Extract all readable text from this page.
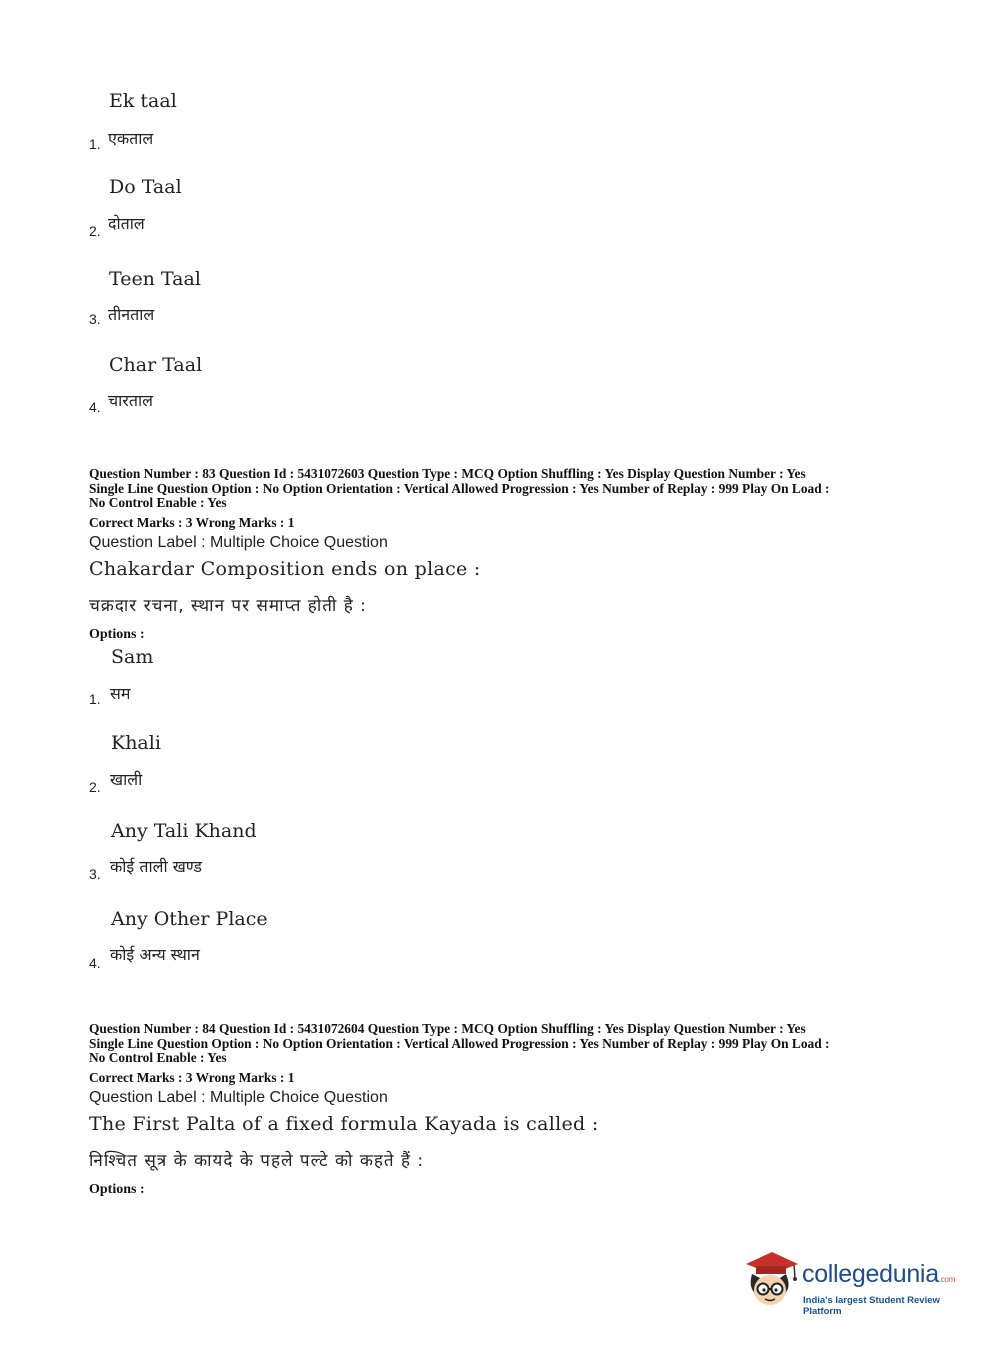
Ek taal
1. एकताल
Do Taal
2. दोताल
Teen Taal
3. तीनताल
Char Taal
4. चारताल
Question Number : 83 Question Id : 5431072603 Question Type : MCQ Option Shuffling : Yes Display Question Number : Yes
Single Line Question Option : No Option Orientation : Vertical Allowed Progression : Yes Number of Replay : 999 Play On Load :
No Control Enable : Yes
Correct Marks : 3 Wrong Marks : 1
Question Label : Multiple Choice Question
Chakardar Composition ends on place :
चक्रदार रचना, स्थान पर समाप्त होती है :
Options :
Sam
1. सम
Khali
2. खाली
Any Tali Khand
3. कोई ताली खण्ड
Any Other Place
4. कोई अन्य स्थान
Question Number : 84 Question Id : 5431072604 Question Type : MCQ Option Shuffling : Yes Display Question Number : Yes
Single Line Question Option : No Option Orientation : Vertical Allowed Progression : Yes Number of Replay : 999 Play On Load :
No Control Enable : Yes
Correct Marks : 3 Wrong Marks : 1
Question Label : Multiple Choice Question
The First Palta of a fixed formula Kayada is called :
निश्चित सूत्र के कायदे के पहले पल्टे को कहते हैं :
Options :
collegedunia.com
India's largest Student Review Platform
